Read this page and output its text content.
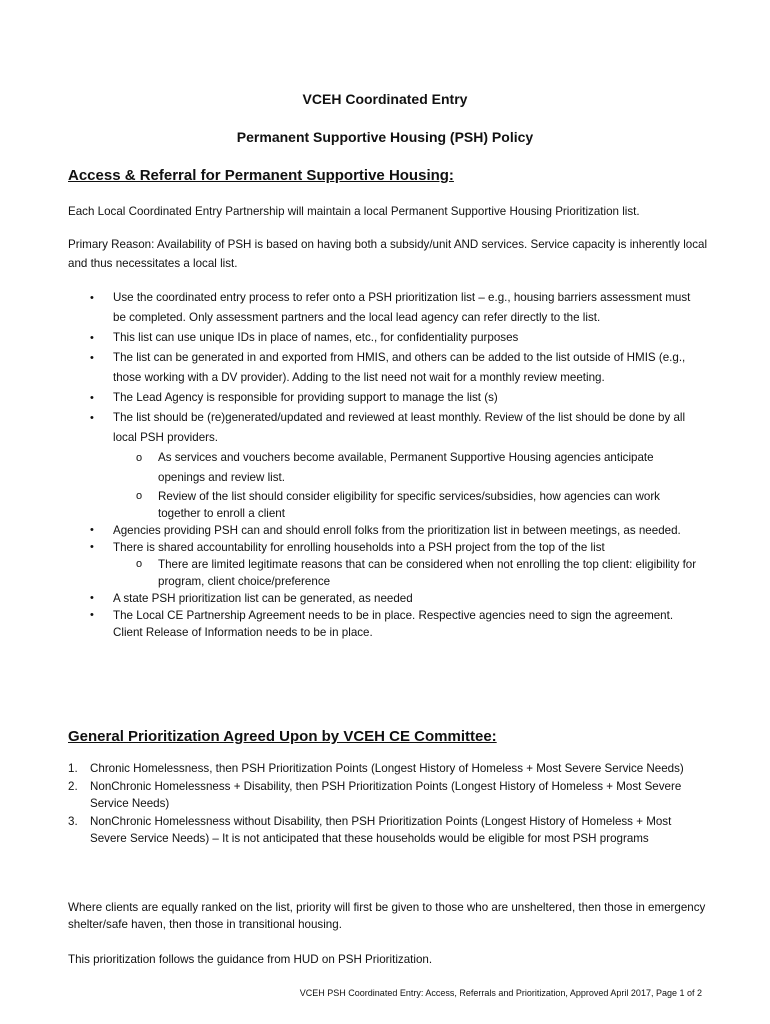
VCEH Coordinated Entry
Permanent Supportive Housing (PSH) Policy
Access & Referral for Permanent Supportive Housing:
Each Local Coordinated Entry Partnership will maintain a local Permanent Supportive Housing Prioritization list.
Primary Reason: Availability of PSH is based on having both a subsidy/unit AND services. Service capacity is inherently local and thus necessitates a local list.
• Use the coordinated entry process to refer onto a PSH prioritization list – e.g., housing barriers assessment must be completed. Only assessment partners and the local lead agency can refer directly to the list.
• This list can use unique IDs in place of names, etc., for confidentiality purposes
• The list can be generated in and exported from HMIS, and others can be added to the list outside of HMIS (e.g., those working with a DV provider). Adding to the list need not wait for a monthly review meeting.
• The Lead Agency is responsible for providing support to manage the list (s)
• The list should be (re)generated/updated and reviewed at least monthly. Review of the list should be done by all local PSH providers.
o As services and vouchers become available, Permanent Supportive Housing agencies anticipate openings and review list.
o Review of the list should consider eligibility for specific services/subsidies, how agencies can work together to enroll a client
• Agencies providing PSH can and should enroll folks from the prioritization list in between meetings, as needed.
• There is shared accountability for enrolling households into a PSH project from the top of the list
o There are limited legitimate reasons that can be considered when not enrolling the top client: eligibility for program, client choice/preference
• A state PSH prioritization list can be generated, as needed
• The Local CE Partnership Agreement needs to be in place. Respective agencies need to sign the agreement. Client Release of Information needs to be in place.
General Prioritization Agreed Upon by VCEH CE Committee:
1. Chronic Homelessness, then PSH Prioritization Points (Longest History of Homeless + Most Severe Service Needs)
2. NonChronic Homelessness + Disability, then PSH Prioritization Points (Longest History of Homeless + Most Severe Service Needs)
3. NonChronic Homelessness without Disability, then PSH Prioritization Points (Longest History of Homeless + Most Severe Service Needs) – It is not anticipated that these households would be eligible for most PSH programs
Where clients are equally ranked on the list, priority will first be given to those who are unsheltered, then those in emergency shelter/safe haven, then those in transitional housing.
This prioritization follows the guidance from HUD on PSH Prioritization.
VCEH PSH Coordinated Entry: Access, Referrals and Prioritization, Approved April 2017, Page 1 of 2
